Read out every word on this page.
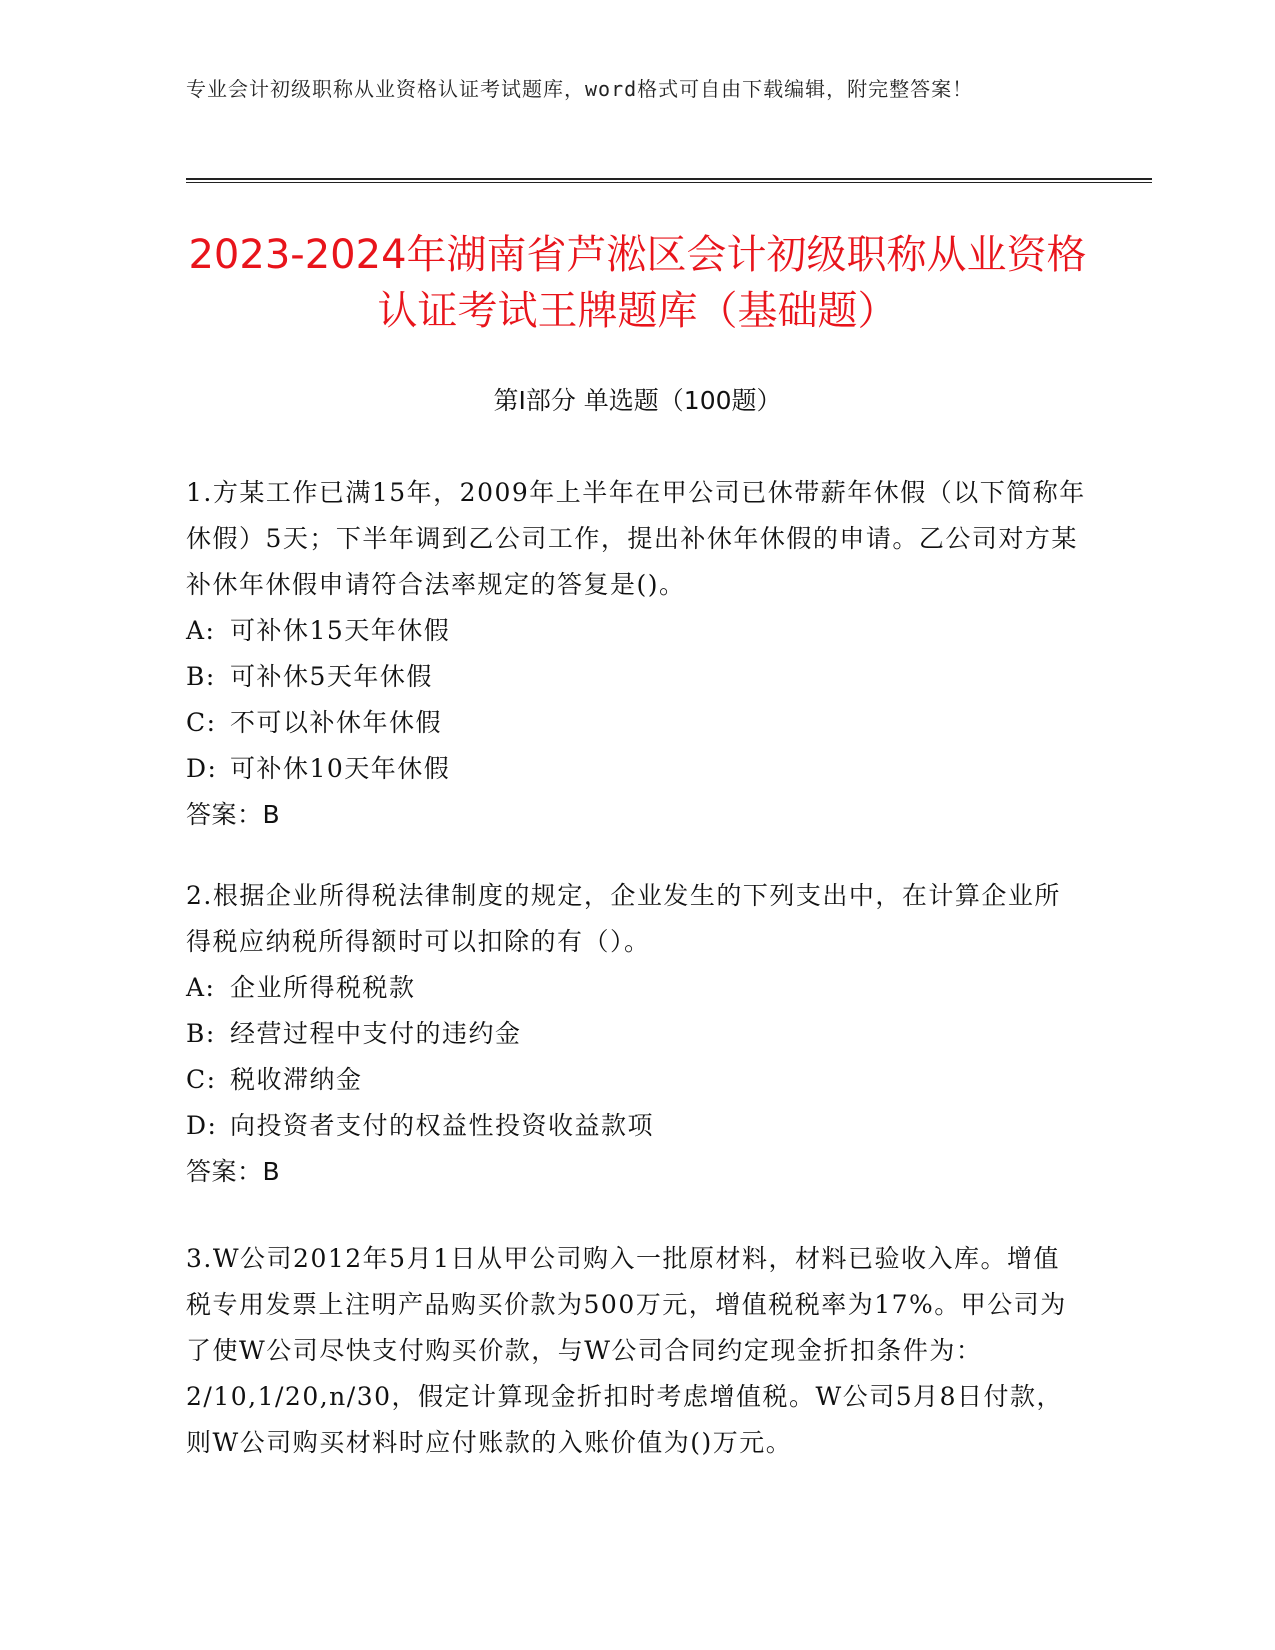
专业会计初级职称从业资格认证考试题库，word格式可自由下载编辑，附完整答案！
2023-2024年湖南省芦淞区会计初级职称从业资格认证考试王牌题库（基础题）
第Ⅰ部分 单选题（100题）

1.方某工作已满15年，2009年上半年在甲公司已休带薪年休假（以下简称年休假）5天；下半年调到乙公司工作，提出补休年休假的申请。乙公司对方某补休年休假申请符合法率规定的答复是()。

A: 可补休15天年休假

B: 可补休5天年休假

C: 不可以补休年休假

D: 可补休10天年休假

答案：B

2.根据企业所得税法律制度的规定，企业发生的下列支出中，在计算企业所得税应纳税所得额时可以扣除的有（）。

A: 企业所得税税款

B: 经营过程中支付的违约金

C: 税收滞纳金

D: 向投资者支付的权益性投资收益款项

答案：B

3.W公司2012年5月1日从甲公司购入一批原材料，材料已验收入库。增值税专用发票上注明产品购买价款为500万元，增值税税率为17%。甲公司为了使W公司尽快支付购买价款，与W公司合同约定现金折扣条件为：2/10,1/20,n/30，假定计算现金折扣时考虑增值税。W公司5月8日付款，则W公司购买材料时应付账款的入账价值为()万元。
